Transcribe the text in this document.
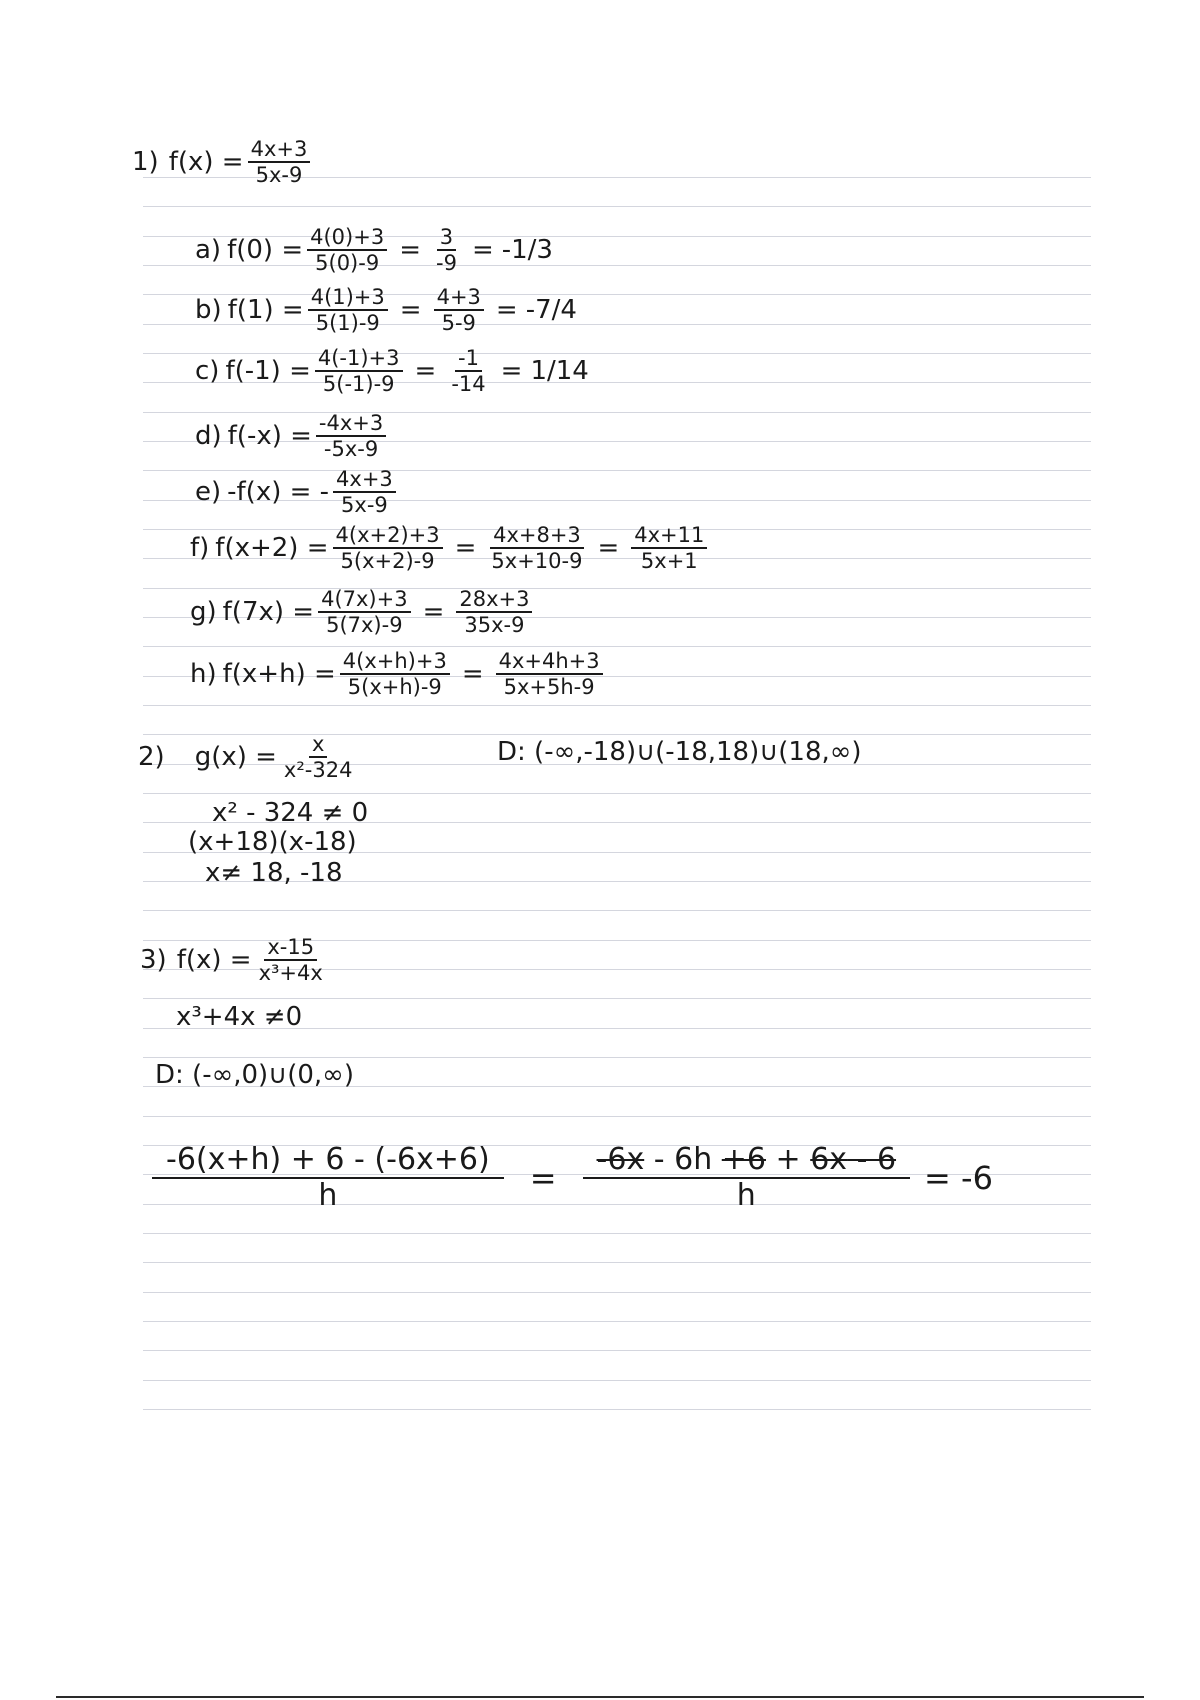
1) $f(x) = \frac{4x+3}{5x-9}$
a) $f(0) = \frac{4(0)+3}{5(0)-9} = \frac{3}{-9} = -1/3$
b) $f(1) = \frac{4(1)+3}{5(1)-9} = \frac{4+3}{5-9} = -7/4$
c) $f(-1) = \frac{4(-1)+3}{5(-1)-9} = \frac{-1}{-14} = 1/14$
d) $f(-x) = \frac{-4x+3}{-5x-9}$
e) -f(x) = - $\frac{4x+3}{5x-9}$
f) $f(x+2) = \frac{4(x+2)+3}{5(x+2)-9} = \frac{4x+8+3}{5x+10-9} = \frac{4x+11}{5x+1}$
g) $f(7x) = \frac{4(7x)+3}{5(7x)-9} = \frac{28x+3}{35x-9}$
h) $f(x+h) = \frac{4(x+h)+3}{5(x+h)-9} = \frac{4x+4h+3}{5x+5h-9}$
2) $g(x) = \frac{x}{\text{x²-324}}$	D: (-∞,-18)∪(-18,18)∪(18,∞)
x² - 324 ≠ 0
(x+18)(x-18)
x≠ 18, -18
3) $f(x) = \frac{x-15}{\text{x³+4x}}$
x³+4x ≠0
D: (-∞,0)∪(0,∞)
$\frac{-6(x+h) + 6 - (-6x+6)}{h} = \frac{-6x - 6h +6 + 6x - 6}{h} = -6$
